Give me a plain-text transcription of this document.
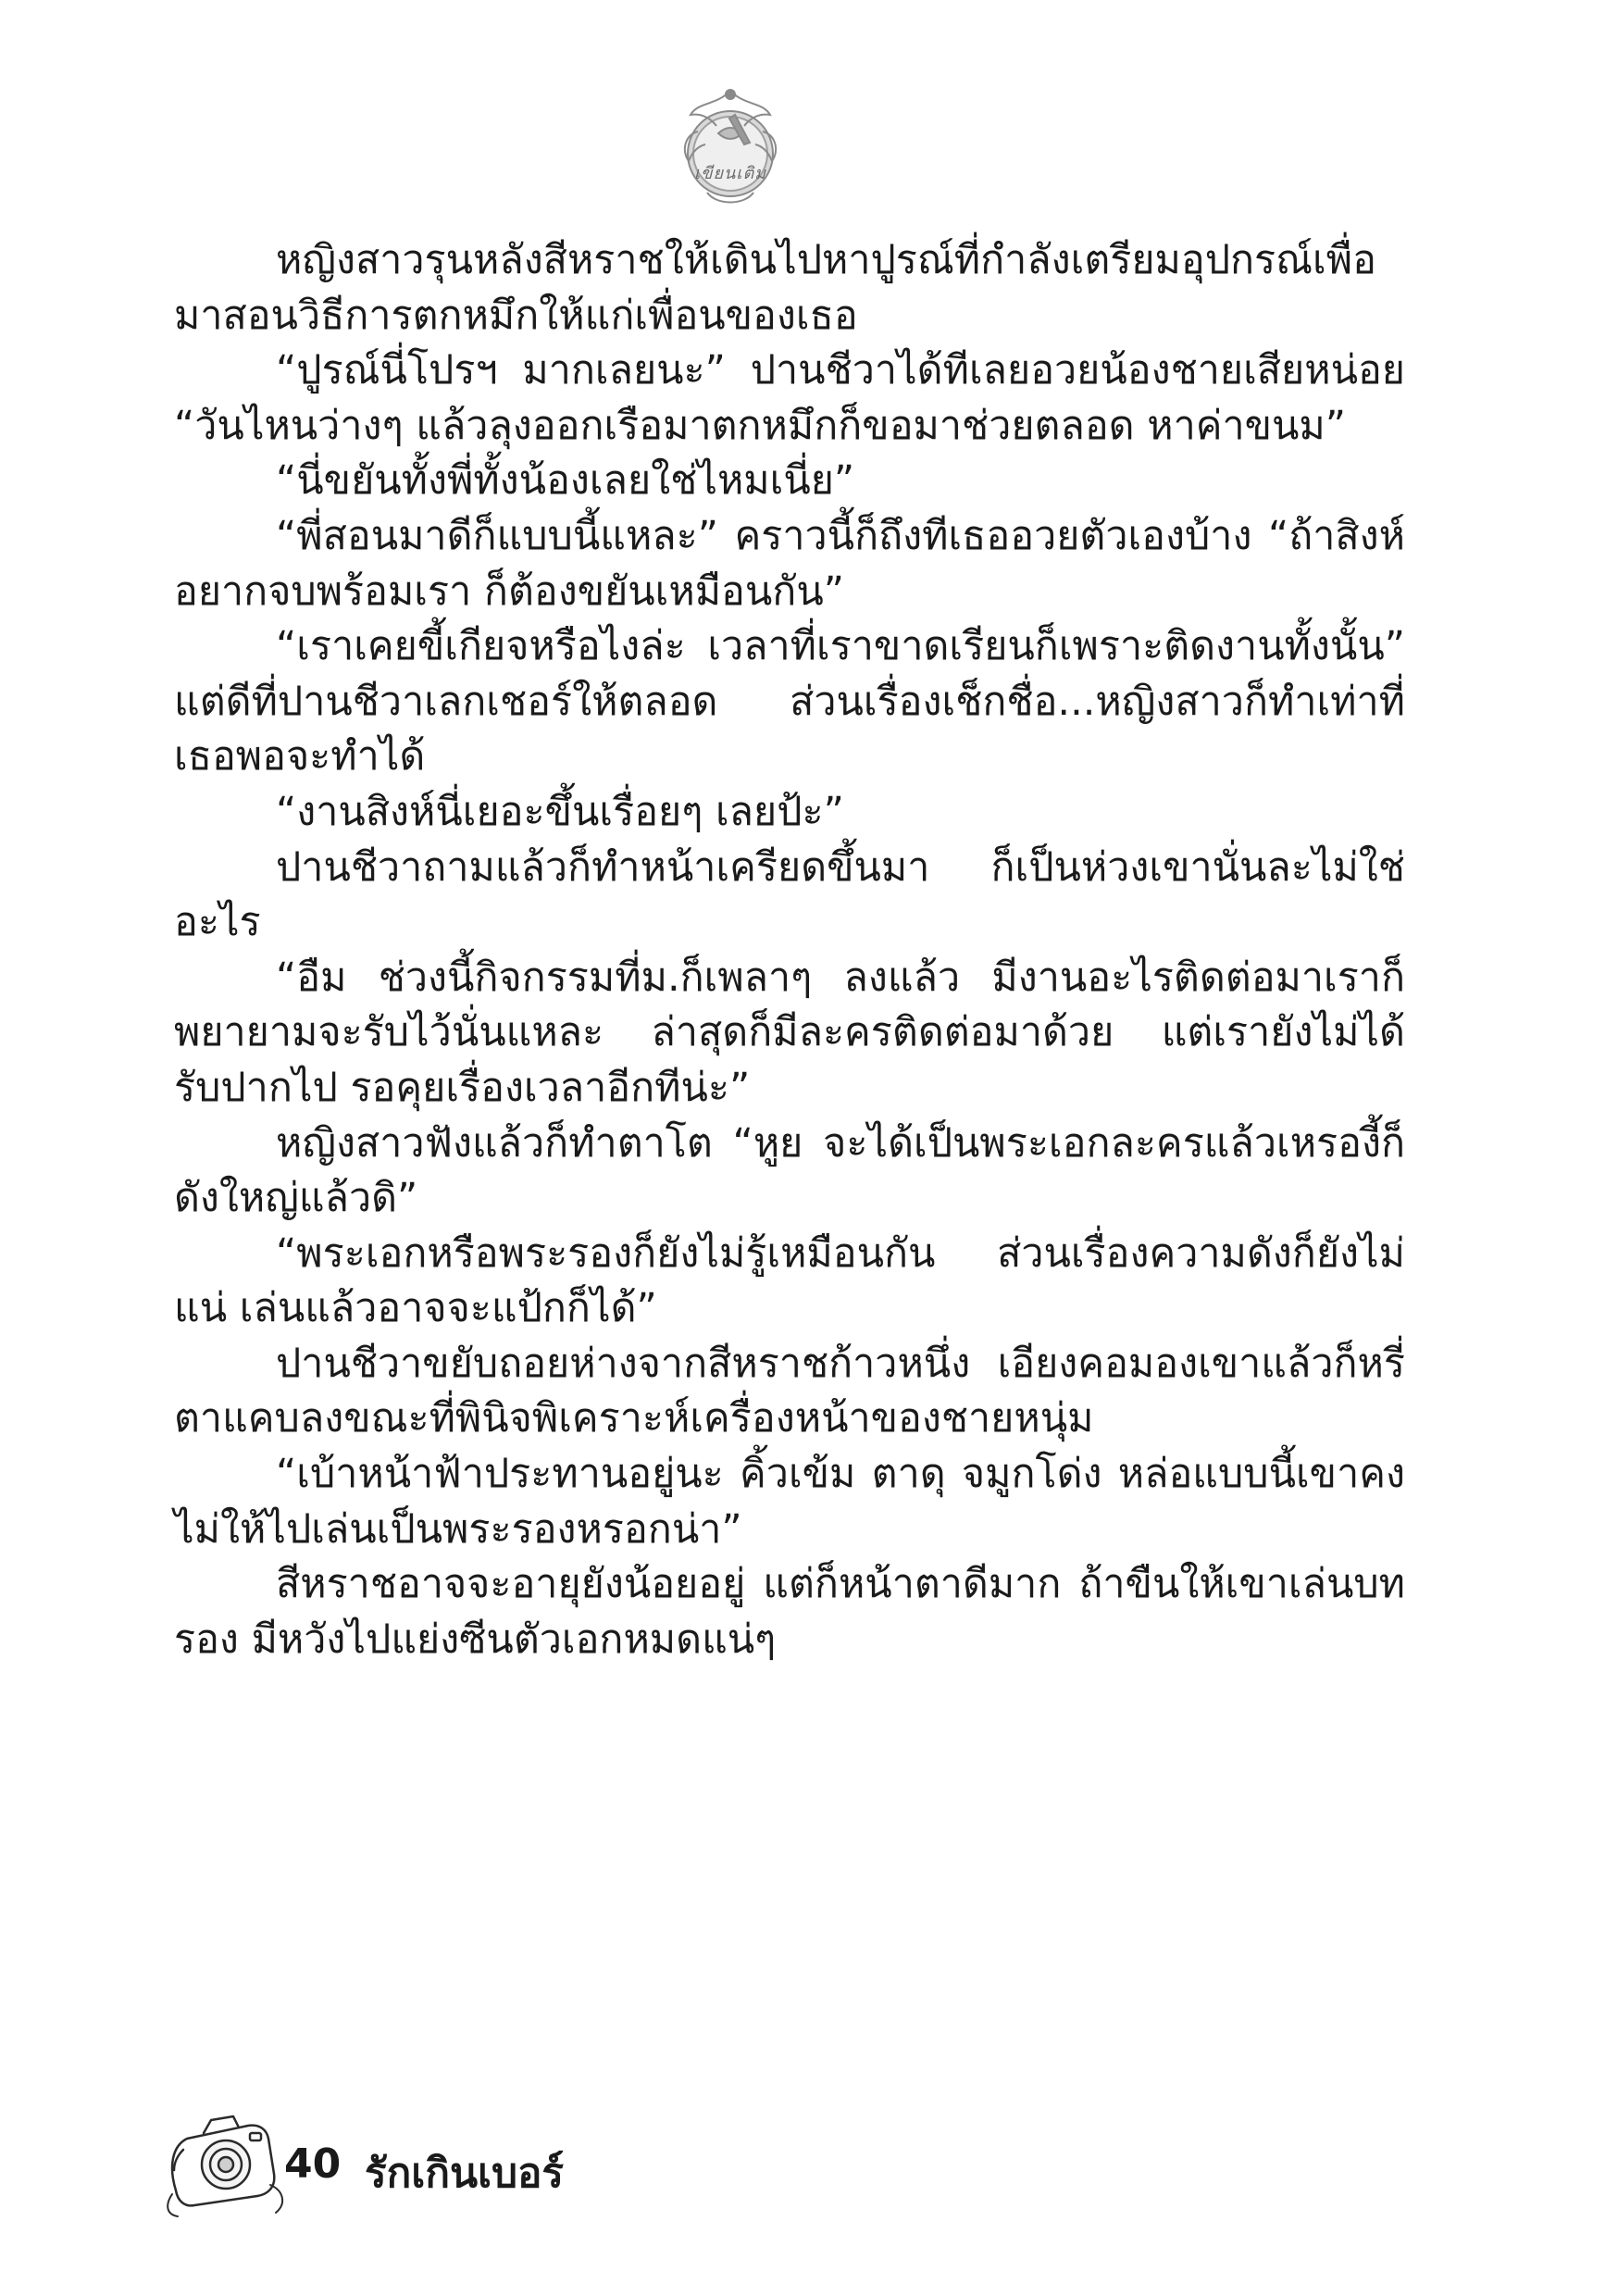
เขียนเติม

หญิงสาวรุนหลังสีหราชให้เดินไปหาปูรณ์ที่กำลังเตรียมอุปกรณ์เพื่อมาสอนวิธีการตกหมึกให้แก่เพื่อนของเธอ

“ปูรณ์นี่โปรฯ มากเลยนะ” ปานชีวาได้ทีเลยอวยน้องชายเสียหน่อย “วันไหนว่างๆ แล้วลุงออกเรือมาตกหมึกก็ขอมาช่วยตลอด หาค่าขนม”

“นี่ขยันทั้งพี่ทั้งน้องเลยใช่ไหมเนี่ย”

“พี่สอนมาดีก็แบบนี้แหละ” คราวนี้ก็ถึงทีเธออวยตัวเองบ้าง “ถ้าสิงห์อยากจบพร้อมเรา ก็ต้องขยันเหมือนกัน”

“เราเคยขี้เกียจหรือไงล่ะ เวลาที่เราขาดเรียนก็เพราะติดงานทั้งนั้น” แต่ดีที่ปานชีวาเลกเชอร์ให้ตลอด ส่วนเรื่องเช็กชื่อ...หญิงสาวก็ทำเท่าที่เธอพอจะทำได้

“งานสิงห์นี่เยอะขึ้นเรื่อยๆ เลยป้ะ”

ปานชีวาถามแล้วก็ทำหน้าเครียดขึ้นมา ก็เป็นห่วงเขานั่นละไม่ใช่อะไร

“อืม ช่วงนี้กิจกรรมที่ม.ก็เพลาๆ ลงแล้ว มีงานอะไรติดต่อมาเราก็พยายามจะรับไว้นั่นแหละ ล่าสุดก็มีละครติดต่อมาด้วย แต่เรายังไม่ได้รับปากไป รอคุยเรื่องเวลาอีกทีน่ะ”

หญิงสาวฟังแล้วก็ทำตาโต “หูย จะได้เป็นพระเอกละครแล้วเหรองี้ก็ดังใหญ่แล้วดิ”

“พระเอกหรือพระรองก็ยังไม่รู้เหมือนกัน ส่วนเรื่องความดังก็ยังไม่แน่ เล่นแล้วอาจจะแป้กก็ได้”

ปานชีวาขยับถอยห่างจากสีหราชก้าวหนึ่ง เอียงคอมองเขาแล้วก็หรี่ตาแคบลงขณะที่พินิจพิเคราะห์เครื่องหน้าของชายหนุ่ม

“เบ้าหน้าฟ้าประทานอยู่นะ คิ้วเข้ม ตาดุ จมูกโด่ง หล่อแบบนี้เขาคงไม่ให้ไปเล่นเป็นพระรองหรอกน่า”

สีหราชอาจจะอายุยังน้อยอยู่ แต่ก็หน้าตาดีมาก ถ้าขืนให้เขาเล่นบทรอง มีหวังไปแย่งซีนตัวเอกหมดแน่ๆ

40 รักเกินเบอร์
